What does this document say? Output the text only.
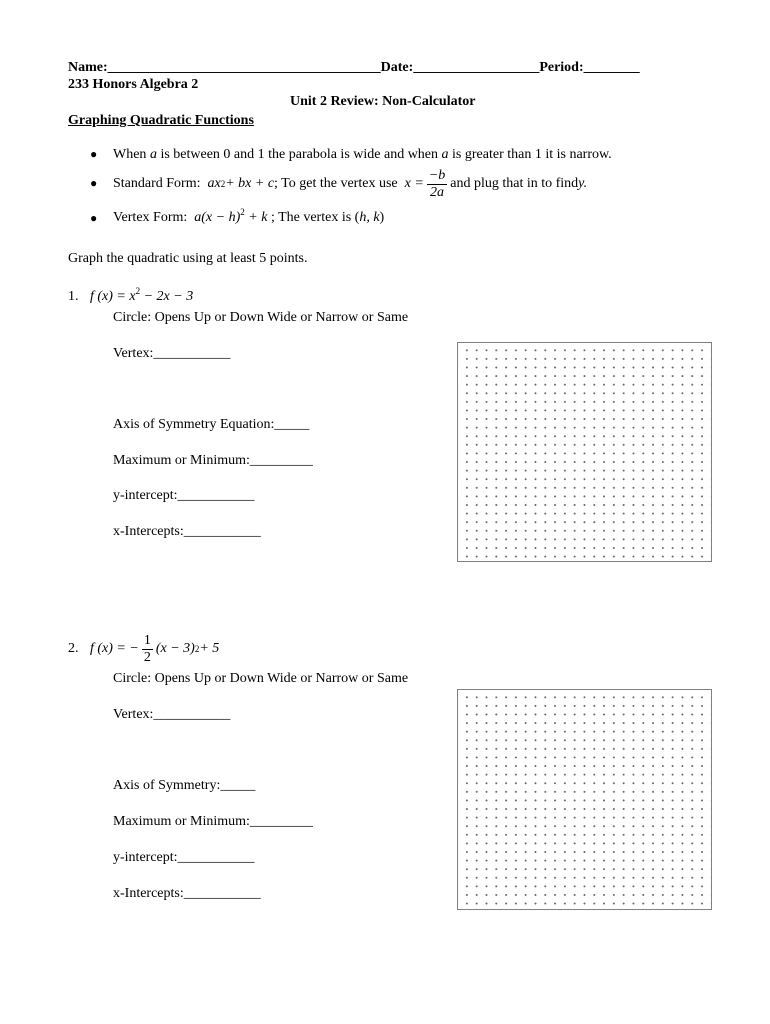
Name:_______________________________________Date:__________________Period:________
233 Honors Algebra 2
Unit 2 Review: Non-Calculator
Graphing Quadratic Functions
● When a is between 0 and 1 the parabola is wide and when a is greater than 1 it is narrow.
● Standard Form:
ax 2 + bx + c ; To get the vertex use
$x = \frac{-b}{2a}$ and plug that in to find y.
● Vertex Form: $a(x - h)^2 + k$ ; The vertex is (h, k)
Graph the quadratic using at least 5 points.
1. f $(x) = x^2 - 2x - 3$
Circle: Opens Up or Down Wide or Narrow or Same
Vertex:___________
Axis of Symmetry Equation:_____
Maximum or Minimum:_________
y-intercept:___________
x-Intercepts:___________
2. f (x) = − $\frac{1}{2} (x - 3) 2 + 5$
Circle: Opens Up or Down Wide or Narrow or Same
Vertex:___________
Axis of Symmetry:_____
Maximum or Minimum:_________
y-intercept:___________
x-Intercepts:___________
